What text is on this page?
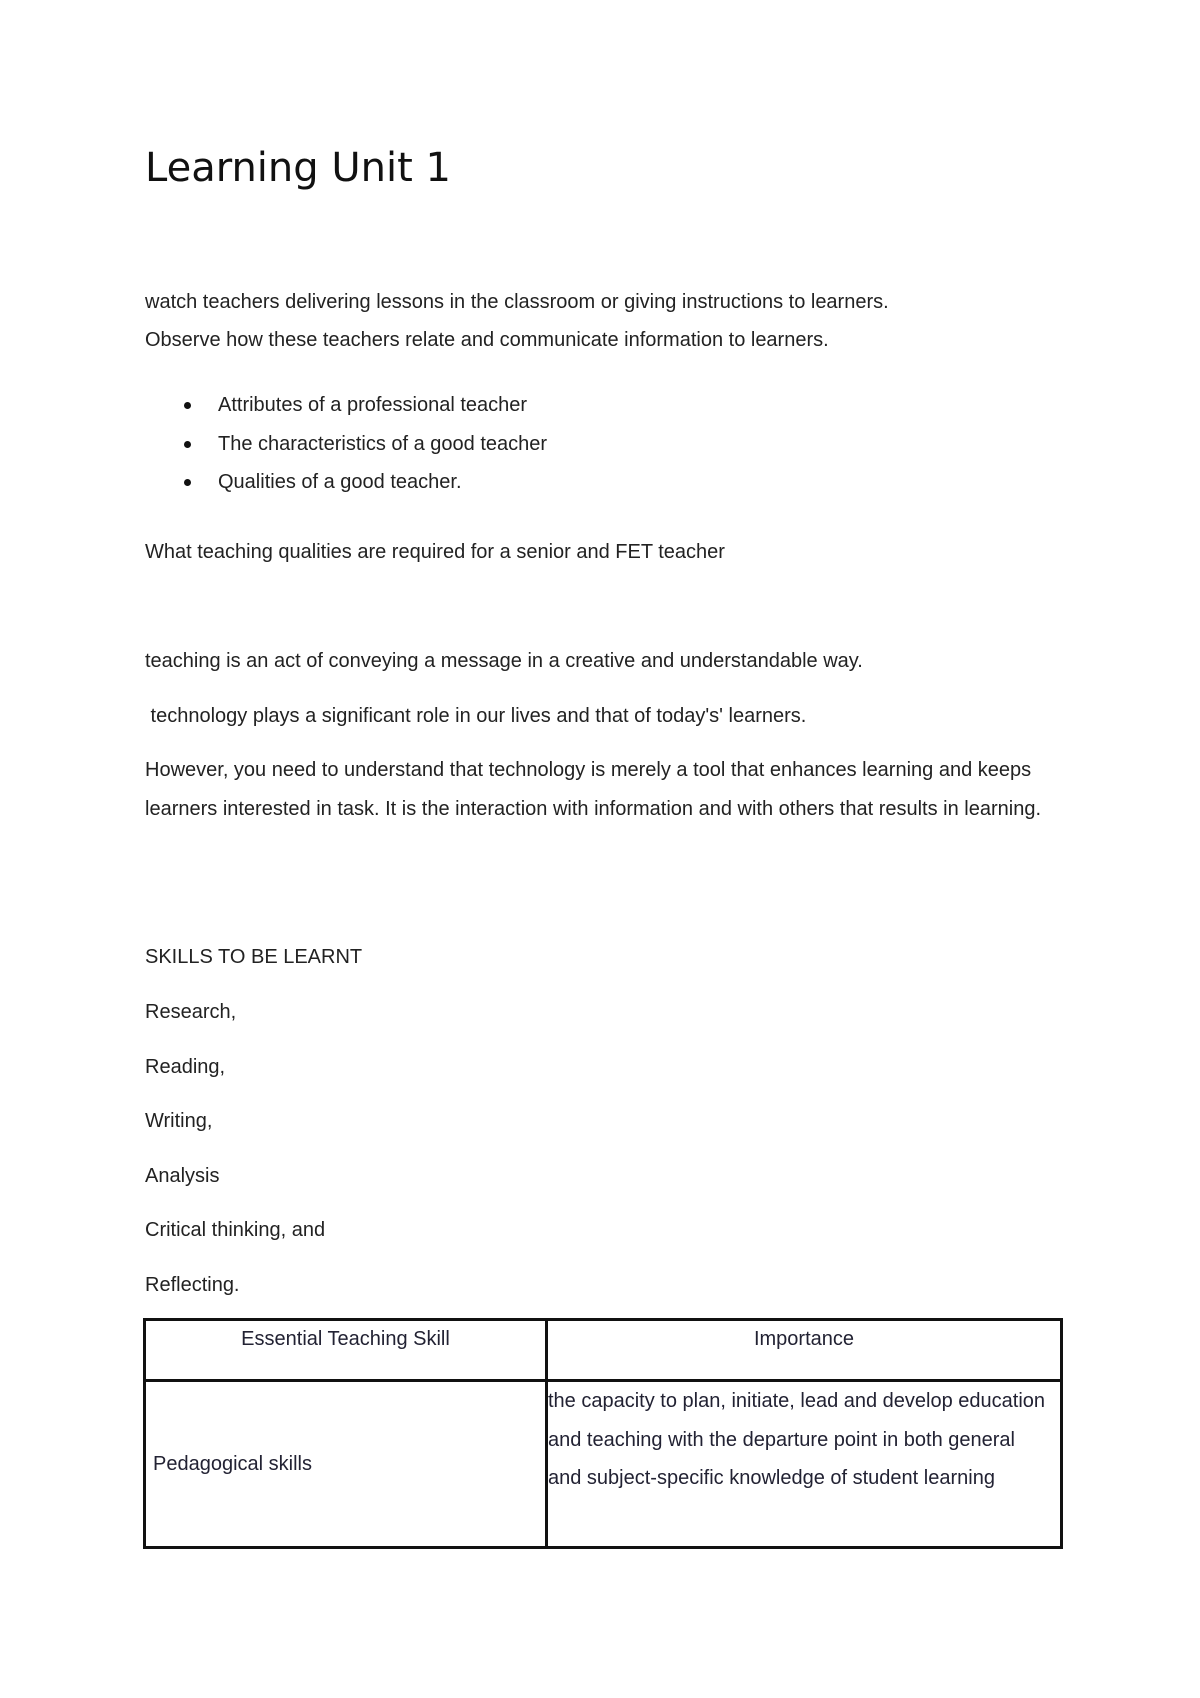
Learning Unit 1

watch teachers delivering lessons in the classroom or giving instructions to learners.

Observe how these teachers relate and communicate information to learners.

Attributes of a professional teacher
The characteristics of a good teacher
Qualities of a good teacher.

What teaching qualities are required for a senior and FET teacher

teaching is an act of conveying a message in a creative and understandable way.

technology plays a significant role in our lives and that of today's' learners.

However, you need to understand that technology is merely a tool that enhances learning and keeps learners interested in task. It is the interaction with information and with others that results in learning.

SKILLS TO BE LEARNT

Research,

Reading,

Writing,

Analysis

Critical thinking, and

Reflecting.

Essential Teaching Skill	Importance
Pedagogical skills	the capacity to plan, initiate, lead and develop education and teaching with the departure point in both general and subject-specific knowledge of student learning
